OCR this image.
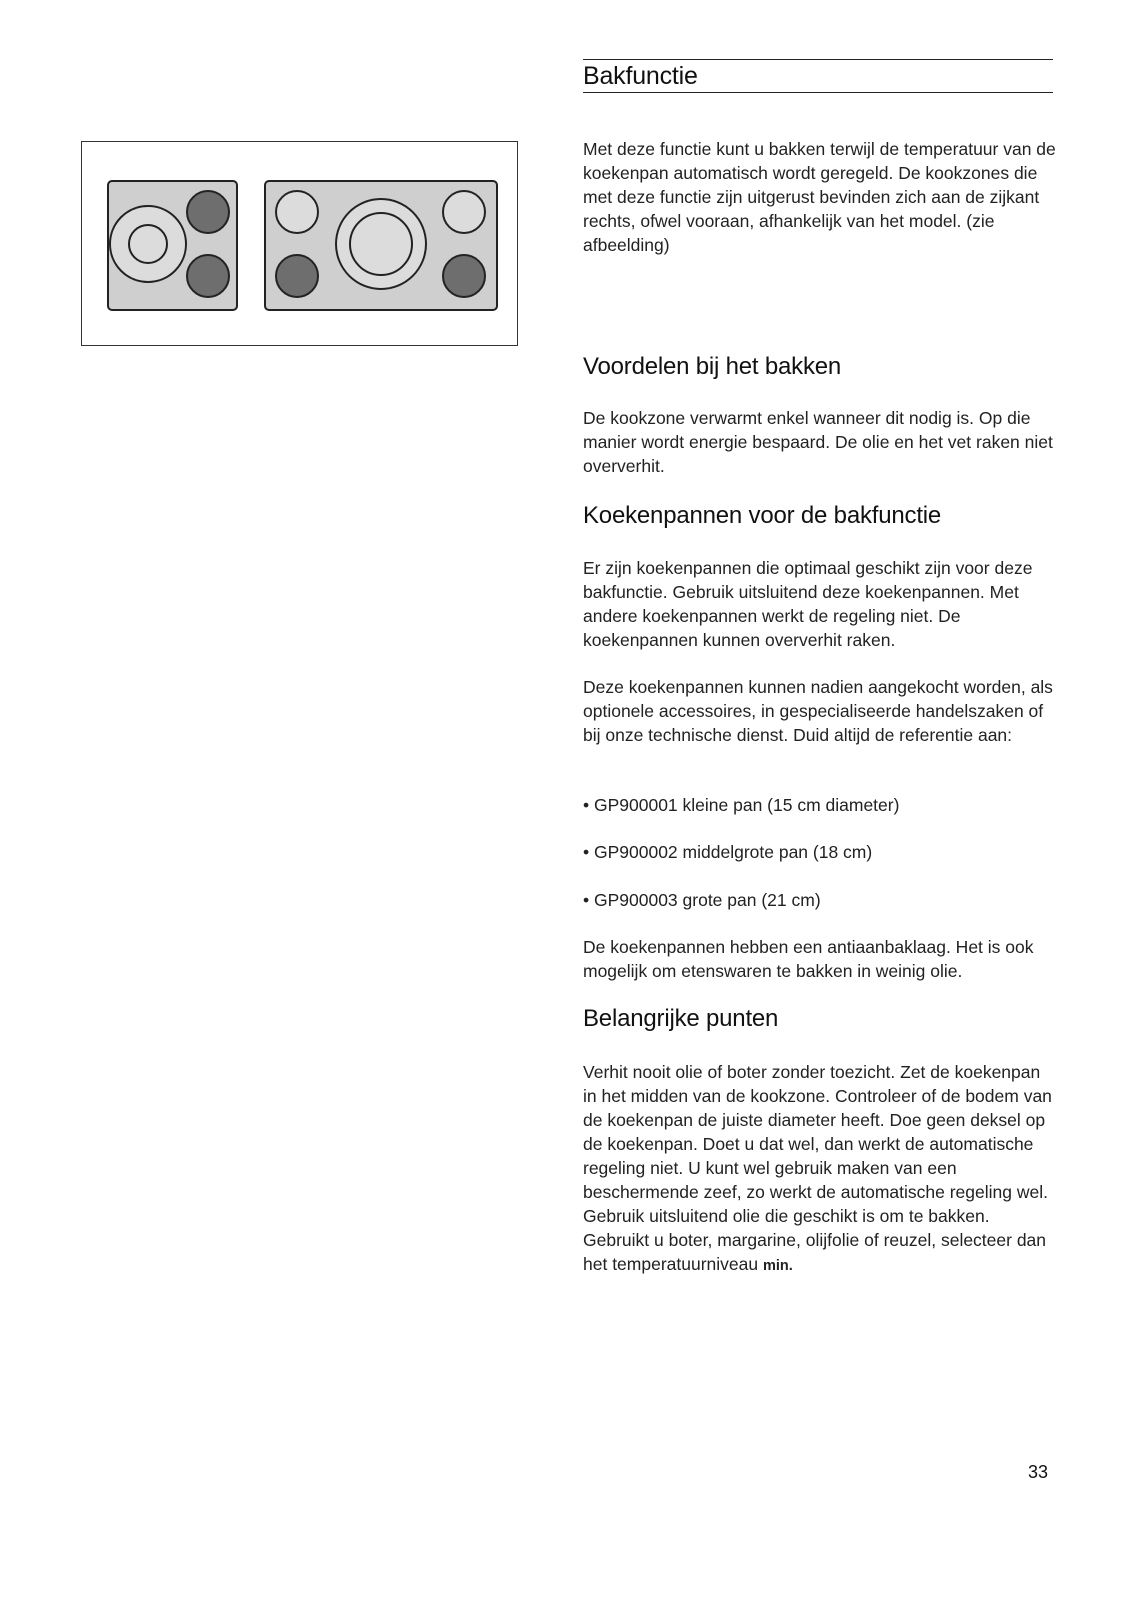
Bakfunctie

Met deze functie kunt u bakken terwijl de temperatuur van de koekenpan automatisch wordt geregeld. De kookzones die met deze functie zijn uitgerust bevinden zich aan de zijkant rechts, ofwel vooraan, afhankelijk van het model. (zie afbeelding)

Voordelen bij het bakken

De kookzone verwarmt enkel wanneer dit nodig is. Op die manier wordt energie bespaard. De olie en het vet raken niet oververhit.

Koekenpannen voor de bakfunctie

Er zijn koekenpannen die optimaal geschikt zijn voor deze bakfunctie. Gebruik uitsluitend deze koekenpannen. Met andere koekenpannen werkt de regeling niet. De koekenpannen kunnen oververhit raken.

Deze koekenpannen kunnen nadien aangekocht worden, als optionele accessoires, in gespecialiseerde handelszaken of bij onze technische dienst. Duid altijd de referentie aan:

• GP900001 kleine pan (15 cm diameter)

• GP900002 middelgrote pan (18 cm)

• GP900003 grote pan (21 cm)

De koekenpannen hebben een antiaanbaklaag. Het is ook mogelijk om etenswaren te bakken in weinig olie.

Belangrijke punten

Verhit nooit olie of boter zonder toezicht. Zet de koekenpan in het midden van de kookzone. Controleer of de bodem van de koekenpan de juiste diameter heeft. Doe geen deksel op de koekenpan. Doet u dat wel, dan werkt de automatische regeling niet. U kunt wel gebruik maken van een beschermende zeef, zo werkt de automatische regeling wel. Gebruik uitsluitend olie die geschikt is om te bakken. Gebruikt u boter, margarine, olijfolie of reuzel, selecteer dan het temperatuurniveau min.

33
